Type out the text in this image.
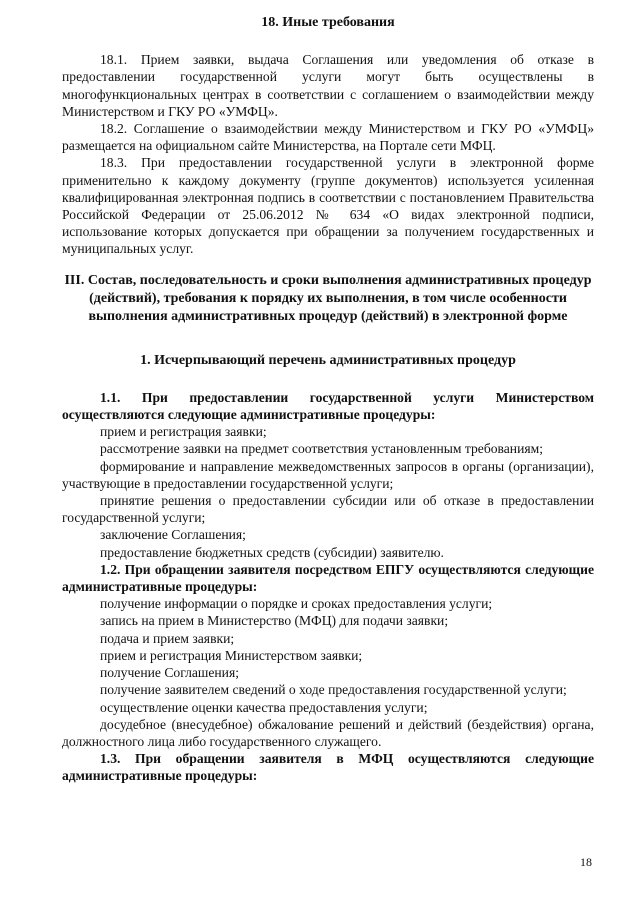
18. Иные требования

18.1. Прием заявки, выдача Соглашения или уведомления об отказе в предоставлении государственной услуги могут быть осуществлены в многофункциональных центрах в соответствии с соглашением о взаимодействии между Министерством и ГКУ РО «УМФЦ».

18.2. Соглашение о взаимодействии между Министерством и ГКУ РО «УМФЦ» размещается на официальном сайте Министерства, на Портале сети МФЦ.

18.3. При предоставлении государственной услуги в электронной форме применительно к каждому документу (группе документов) используется усиленная квалифицированная электронная подпись в соответствии с постановлением Правительства Российской Федерации от 25.06.2012 № 634 «О видах электронной подписи, использование которых допускается при обращении за получением государственных и муниципальных услуг.

III. Состав, последовательность и сроки выполнения административных процедур (действий), требования к порядку их выполнения, в том числе особенности выполнения административных процедур (действий) в электронной форме

1. Исчерпывающий перечень административных процедур

1.1. При предоставлении государственной услуги Министерством осуществляются следующие административные процедуры:

прием и регистрация заявки;

рассмотрение заявки на предмет соответствия установленным требованиям;

формирование и направление межведомственных запросов в органы (организации), участвующие в предоставлении государственной услуги;

принятие решения о предоставлении субсидии или об отказе в предоставлении государственной услуги;

заключение Соглашения;

предоставление бюджетных средств (субсидии) заявителю.

1.2. При обращении заявителя посредством ЕПГУ осуществляются следующие административные процедуры:

получение информации о порядке и сроках предоставления услуги;

запись на прием в Министерство (МФЦ) для подачи заявки;

подача и прием заявки;

прием и регистрация Министерством заявки;

получение Соглашения;

получение заявителем сведений о ходе предоставления государственной услуги;

осуществление оценки качества предоставления услуги;

досудебное (внесудебное) обжалование решений и действий (бездействия) органа, должностного лица либо государственного служащего.

1.3. При обращении заявителя в МФЦ осуществляются следующие административные процедуры:

18
